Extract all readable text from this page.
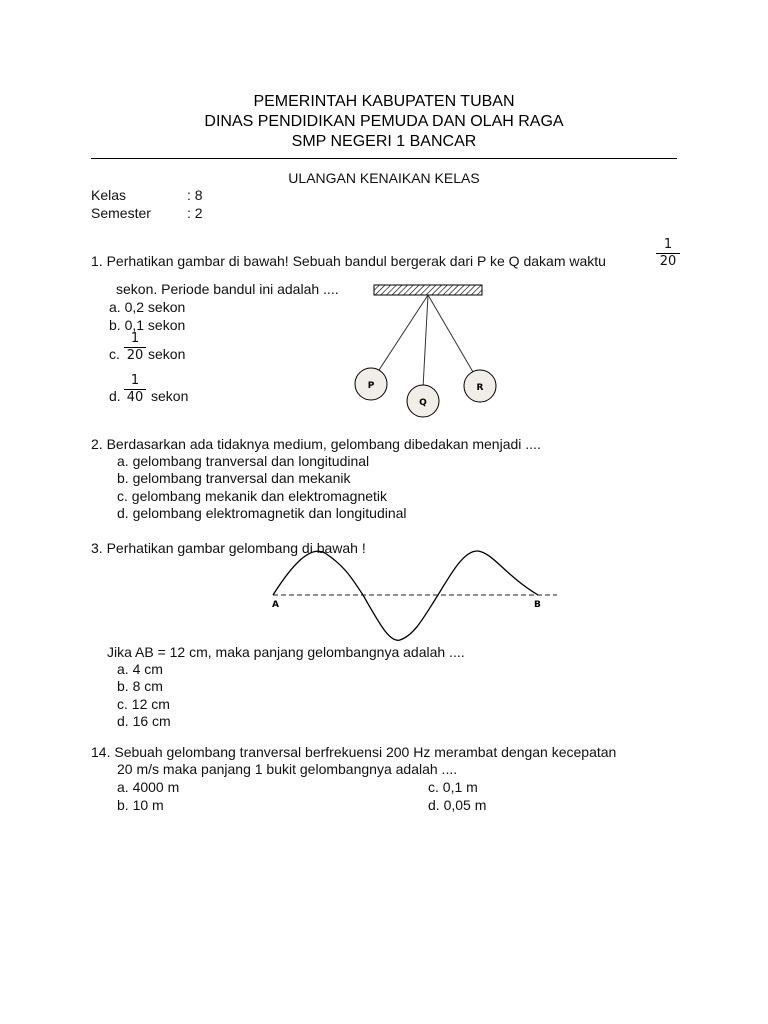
PEMERINTAH KABUPATEN TUBAN
DINAS PENDIDIKAN PEMUDA DAN OLAH RAGA
SMP NEGERI 1 BANCAR
ULANGAN KENAIKAN KELAS
Kelas	: 8
Semester	: 2
1. Perhatikan gambar di bawah! Sebuah bandul bergerak dari P ke Q dakam waktu
1
20
sekon. Periode bandul ini adalah ....
a. 0,2 sekon
b. 0,1 sekon
c.
1
20 sekon
d.
1
40 sekon
P
Q
R
2. Berdasarkan ada tidaknya medium, gelombang dibedakan menjadi ....
a. gelombang tranversal dan longitudinal
b. gelombang tranversal dan mekanik
c. gelombang mekanik dan elektromagnetik
d. gelombang elektromagnetik dan longitudinal
3. Perhatikan gambar gelombang di bawah !
A	B
Jika AB = 12 cm, maka panjang gelombangnya adalah ....
a. 4 cm
b. 8 cm
c. 12 cm
d. 16 cm
14. Sebuah gelombang tranversal berfrekuensi 200 Hz merambat dengan kecepatan
20 m/s maka panjang 1 bukit gelombangnya adalah ....
a. 4000 m
b. 10 m
c. 0,1 m
d. 0,05 m
